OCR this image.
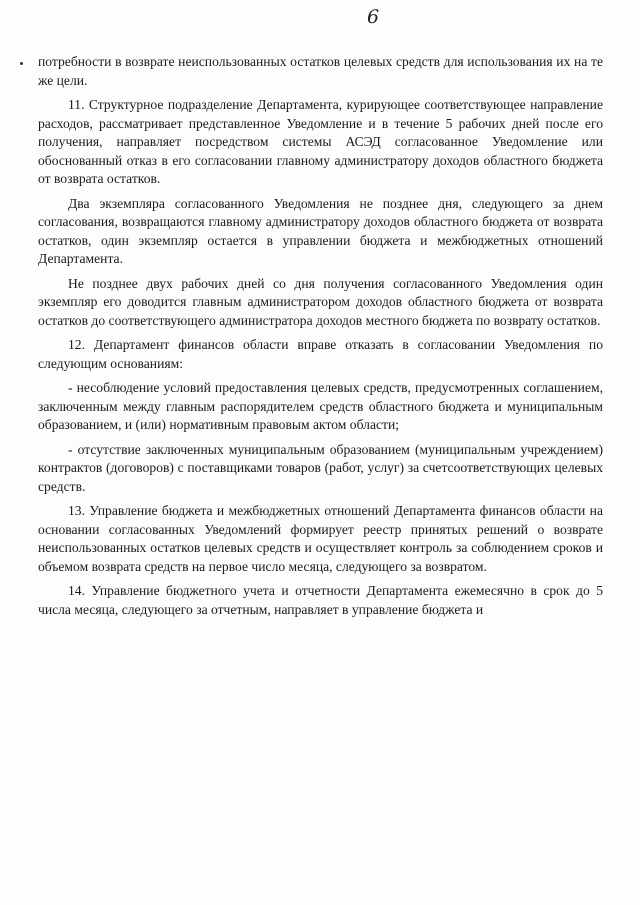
6

потребности в возврате неиспользованных остатков целевых средств для использования их на те же цели.

11. Структурное подразделение Департамента, курирующее соответствующее направление расходов, рассматривает представленное Уведомление и в течение 5 рабочих дней после его получения, направляет посредством системы АСЭД согласованное Уведомление или обоснованный отказ в его согласовании главному администратору доходов областного бюджета от возврата остатков.

Два экземпляра согласованного Уведомления не позднее дня, следующего за днем согласования, возвращаются главному администратору доходов областного бюджета от возврата остатков, один экземпляр остается в управлении бюджета и межбюджетных отношений Департамента.

Не позднее двух рабочих дней со дня получения согласованного Уведомления один экземпляр его доводится главным администратором доходов областного бюджета от возврата остатков до соответствующего администратора доходов местного бюджета по возврату остатков.

12. Департамент финансов области вправе отказать в согласовании Уведомления по следующим основаниям:

- несоблюдение условий предоставления целевых средств, предусмотренных соглашением, заключенным между главным распорядителем средств областного бюджета и муниципальным образованием, и (или) нормативным правовым актом области;

- отсутствие заключенных муниципальным образованием (муниципальным учреждением) контрактов (договоров) с поставщиками товаров (работ, услуг) за счетсоответствующих целевых средств.

13. Управление бюджета и межбюджетных отношений Департамента финансов области на основании согласованных Уведомлений формирует реестр принятых решений о возврате неиспользованных остатков целевых средств и осуществляет контроль за соблюдением сроков и объемом возврата средств на первое число месяца, следующего за возвратом.

14. Управление бюджетного учета и отчетности Департамента ежемесячно в срок до 5 числа месяца, следующего за отчетным, направляет в управление бюджета и
